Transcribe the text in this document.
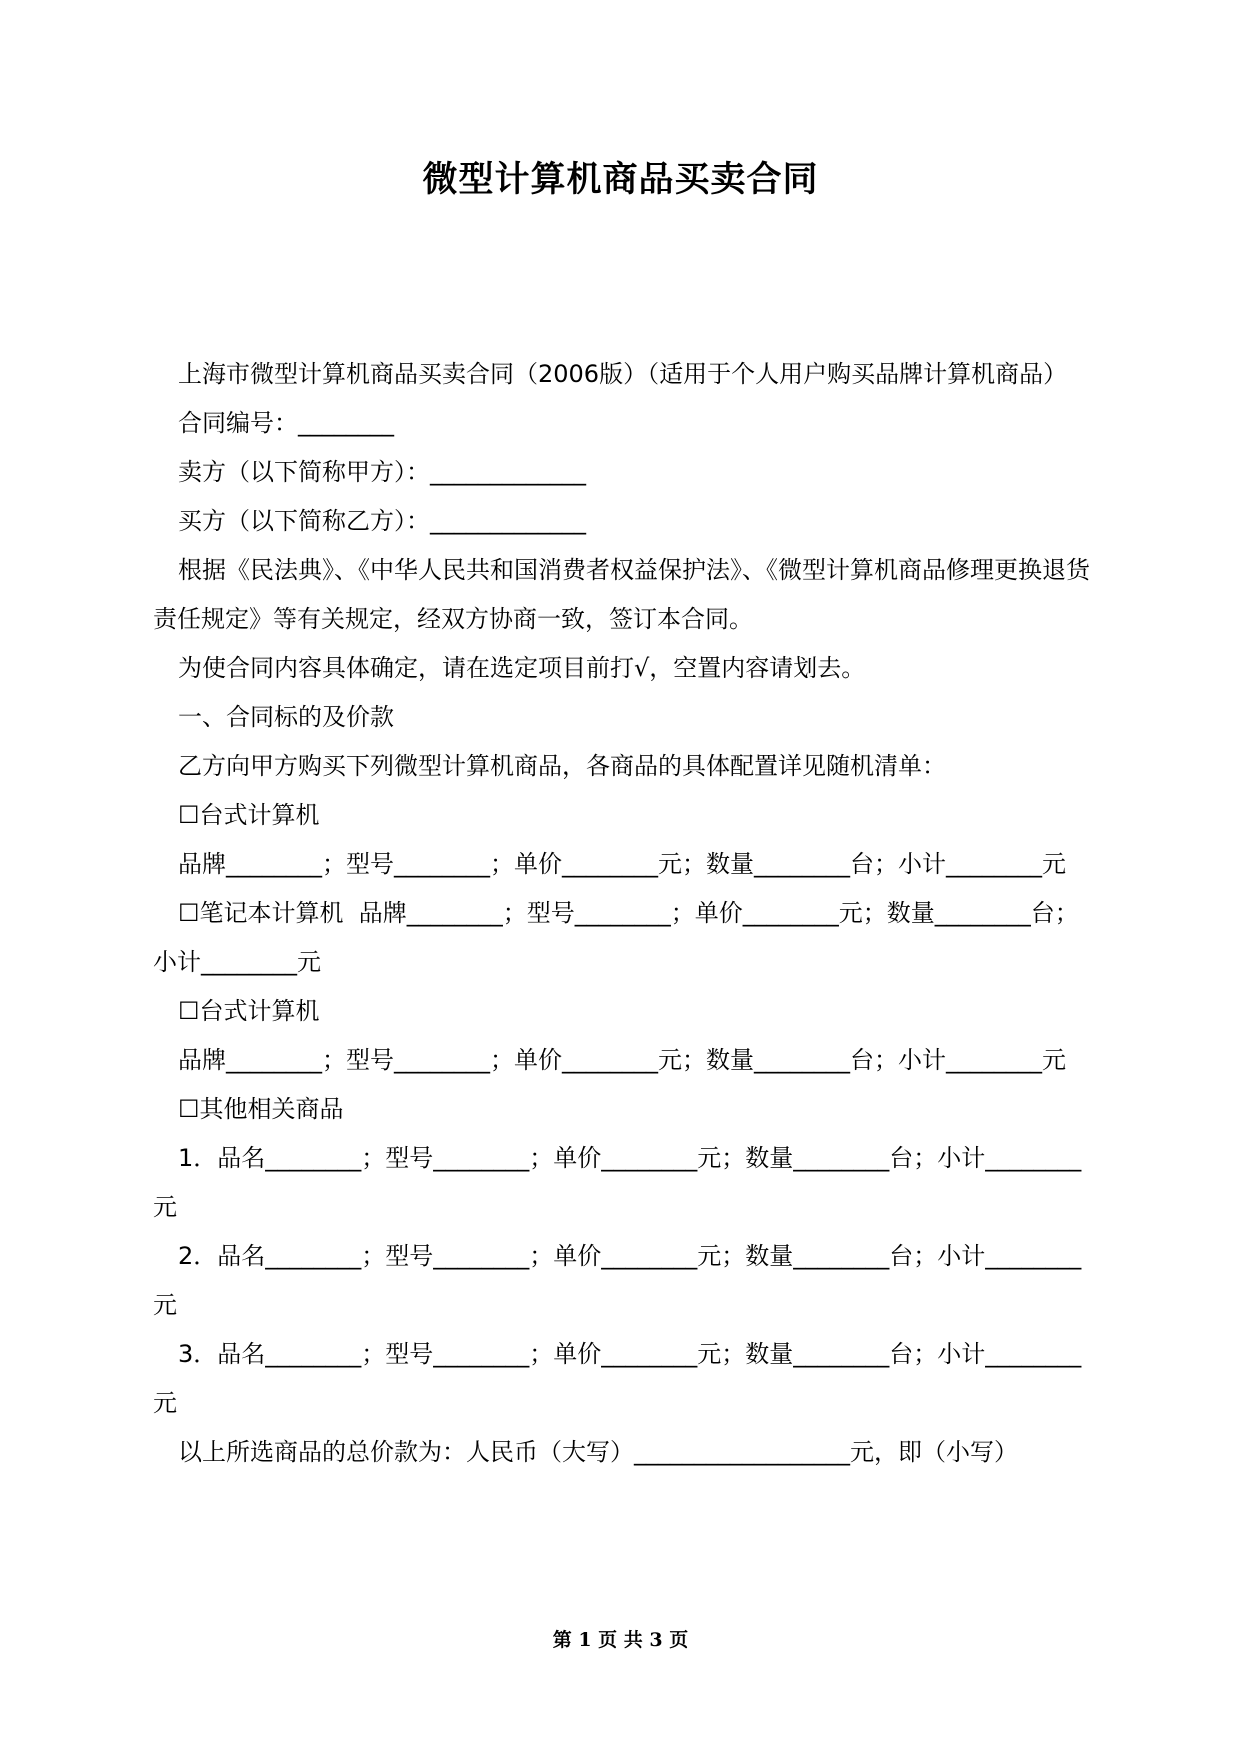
微型计算机商品买卖合同

上海市微型计算机商品买卖合同（2006版）（适用于个人用户购买品牌计算机商品）

合同编号：________

卖方（以下简称甲方）：_____________

买方（以下简称乙方）：_____________

根据《民法典》、《中华人民共和国消费者权益保护法》、《微型计算机商品修理更换退货责任规定》等有关规定，经双方协商一致，签订本合同。

为使合同内容具体确定，请在选定项目前打√，空置内容请划去。

一、合同标的及价款

乙方向甲方购买下列微型计算机商品，各商品的具体配置详见随机清单：

☐台式计算机

品牌________；型号________；单价________元；数量________台；小计________元

☐笔记本计算机  品牌________；型号________；单价________元；数量________台；小计________元

☐台式计算机

品牌________；型号________；单价________元；数量________台；小计________元

☐其他相关商品

1．品名________；型号________；单价________元；数量________台；小计________元

2．品名________；型号________；单价________元；数量________台；小计________元

3．品名________；型号________；单价________元；数量________台；小计________元

以上所选商品的总价款为：人民币（大写）__________________元，即（小写）

第 1 页 共 3 页
